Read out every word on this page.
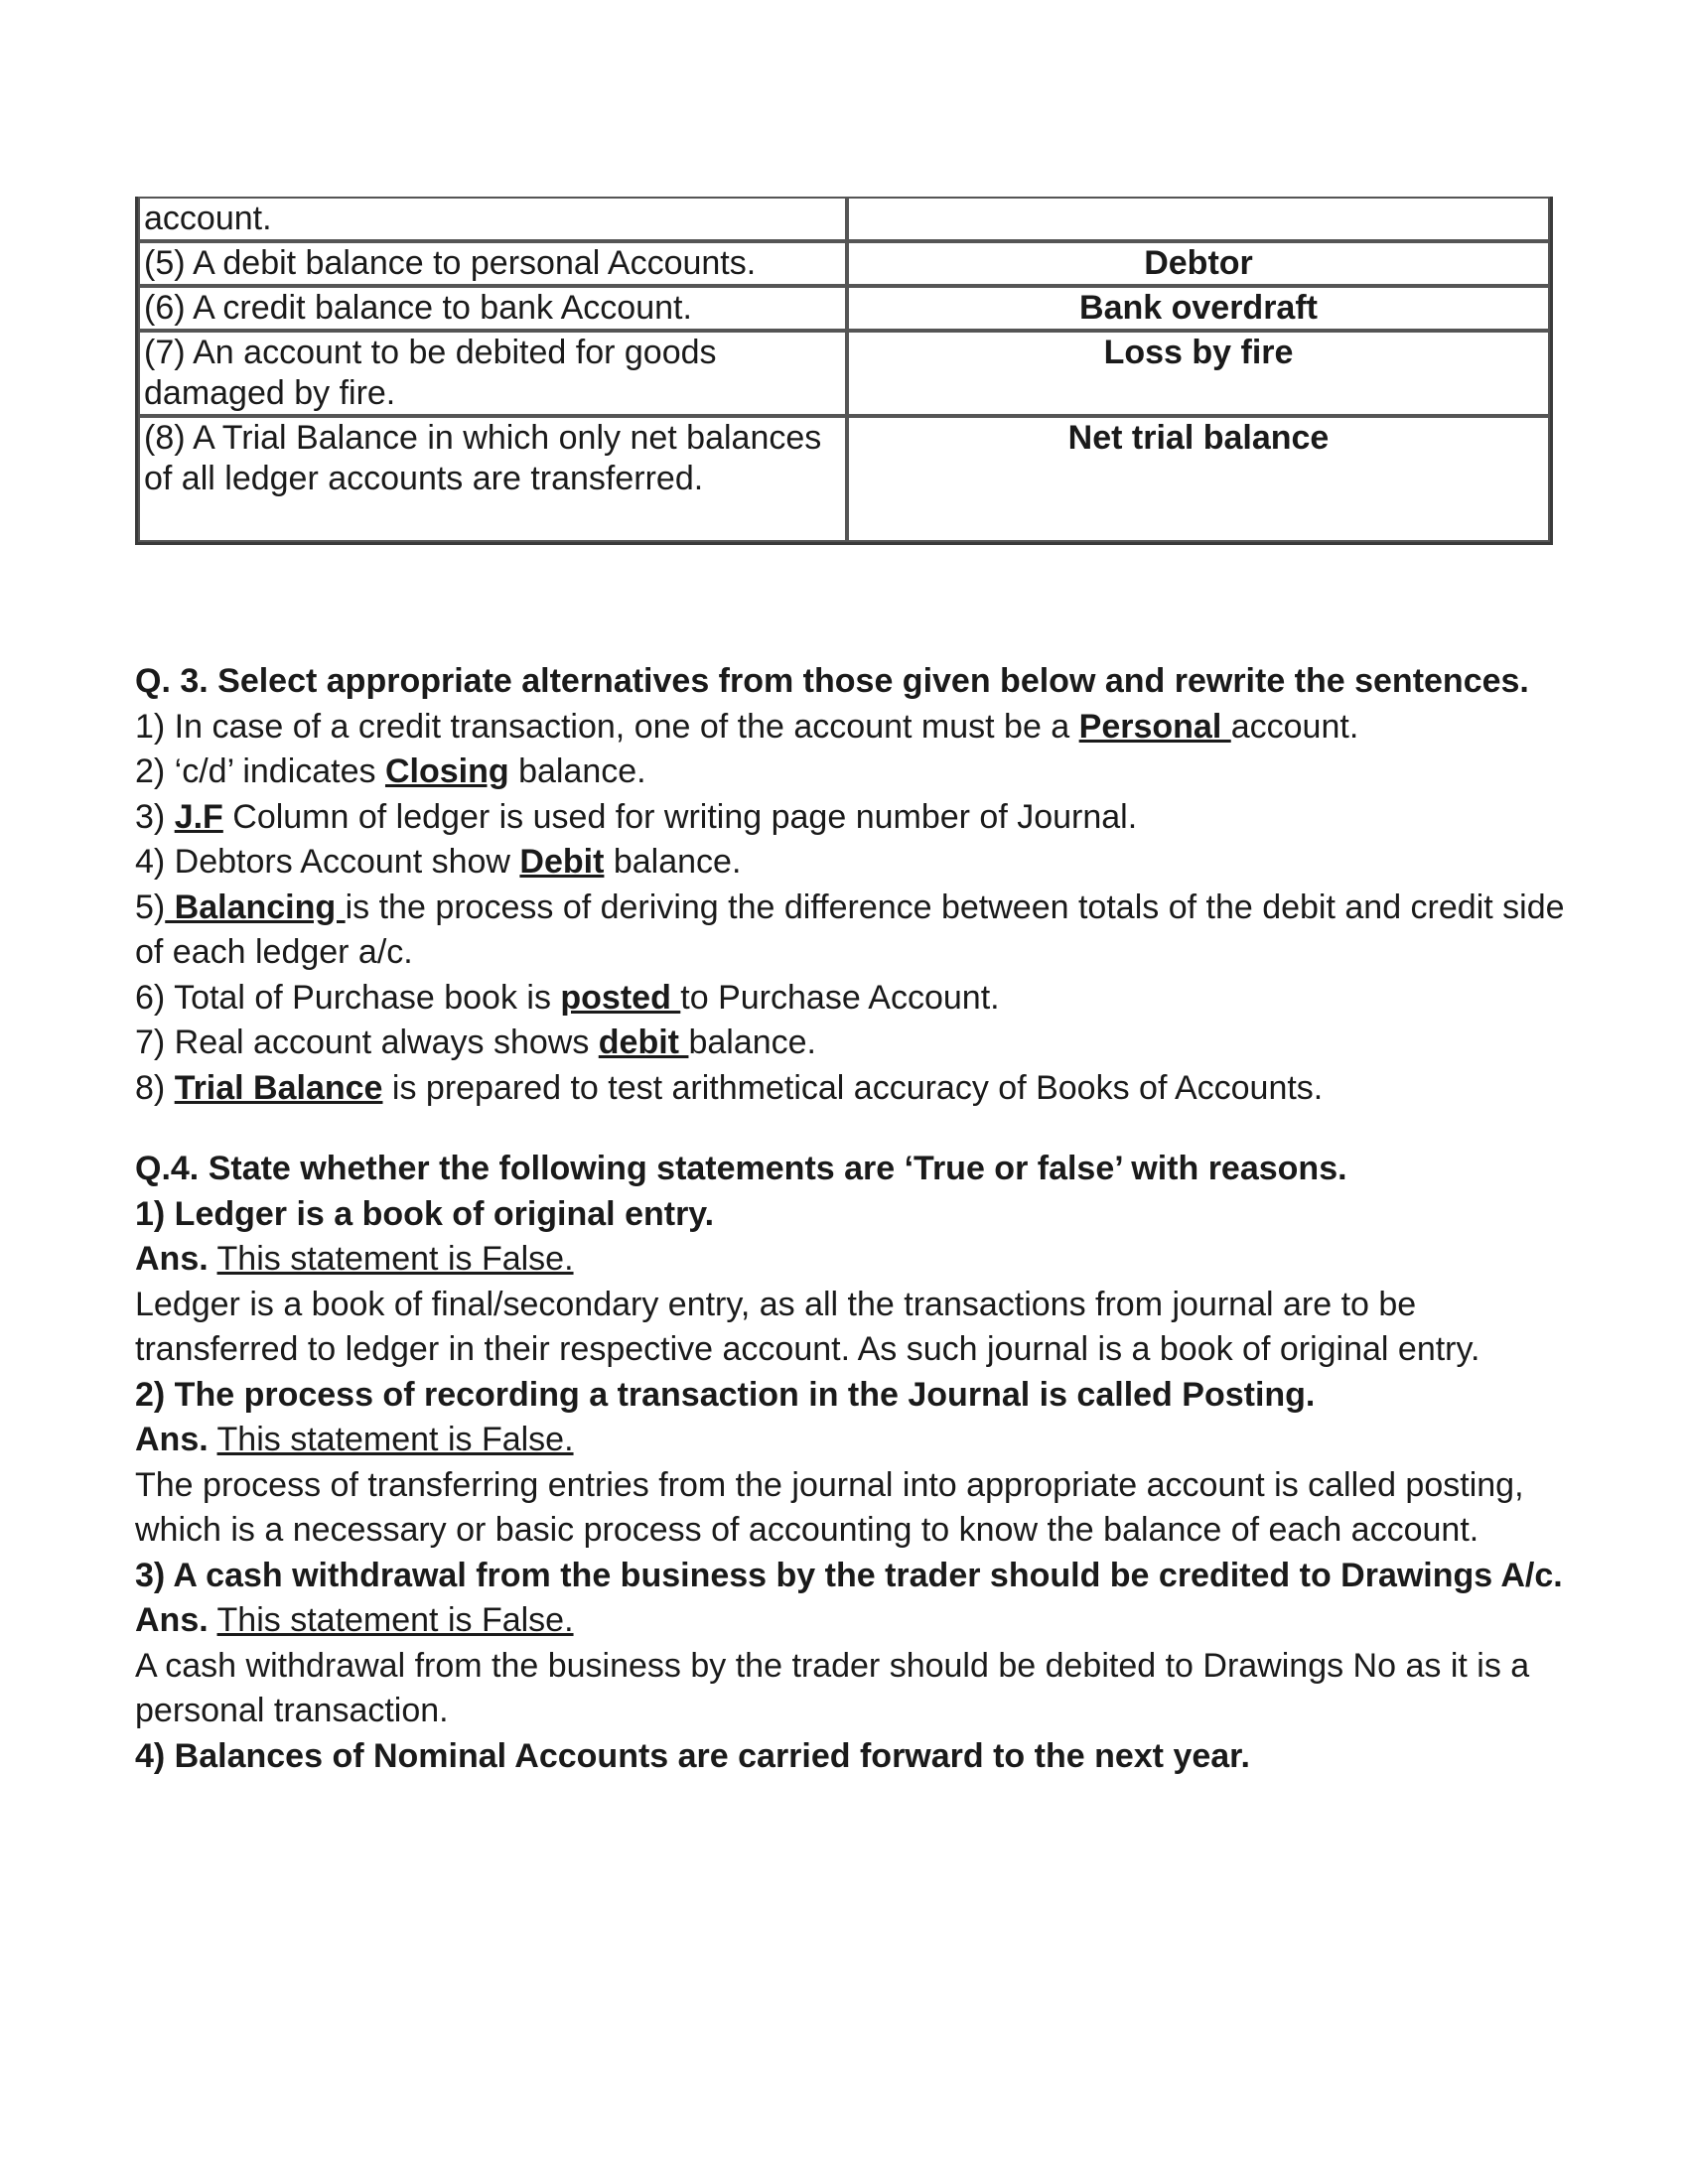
account.	
(5) A debit balance to personal Accounts.	Debtor
(6) A credit balance to bank Account.	Bank overdraft
(7) An account to be debited for goods damaged by fire.	Loss by fire
(8) A Trial Balance in which only net balances of all ledger accounts are transferred.	Net trial balance

Q. 3. Select appropriate alternatives from those given below and rewrite the sentences.

1) In case of a credit transaction, one of the account must be a Personal account.

2) ‘c/d’ indicates Closing balance.

3) J.F Column of ledger is used for writing page number of Journal.

4) Debtors Account show Debit balance.

5) Balancing is the process of deriving the difference between totals of the debit and credit side of each ledger a/c.

6) Total of Purchase book is posted to Purchase Account.

7) Real account always shows debit balance.

8) Trial Balance is prepared to test arithmetical accuracy of Books of Accounts.

Q.4. State whether the following statements are ‘True or false’ with reasons.

1) Ledger is a book of original entry.

Ans. This statement is False.

Ledger is a book of final/secondary entry, as all the transactions from journal are to be transferred to ledger in their respective account. As such journal is a book of original entry.

2) The process of recording a transaction in the Journal is called Posting.

Ans. This statement is False.

The process of transferring entries from the journal into appropriate account is called posting, which is a necessary or basic process of accounting to know the balance of each account.

3) A cash withdrawal from the business by the trader should be credited to Drawings A/c.

Ans. This statement is False.

A cash withdrawal from the business by the trader should be debited to Drawings No as it is a personal transaction.

4) Balances of Nominal Accounts are carried forward to the next year.
